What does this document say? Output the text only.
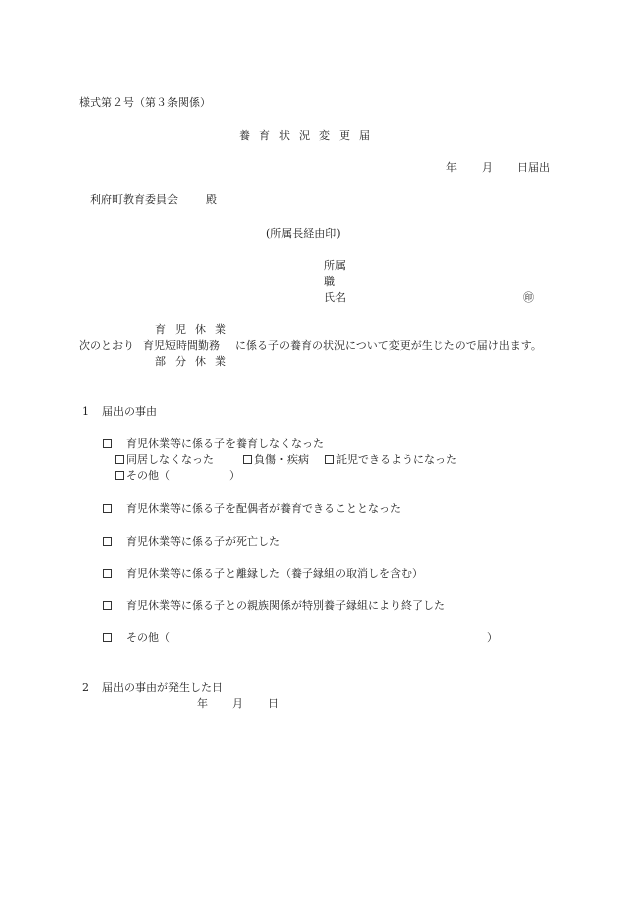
様式第２号（第３条関係）
養育状況変更届
年 月 日届出
利府町教育委員会	殿
(所属長経由印)
所属
職
氏名	㊞
育児休業
次のとおり 育児短時間勤務 に係る子の養育の状況について変更が生じたので届け出ます。
部分休業
1 届出の事由
育児休業等に係る子を養育しなくなった
同居しなくなった	負傷・疾病	託児できるようになった
その他（	）
育児休業等に係る子を配偶者が養育できることとなった
育児休業等に係る子が死亡した
育児休業等に係る子と離縁した（養子縁組の取消しを含む）
育児休業等に係る子との親族関係が特別養子縁組により終了した
その他（	）
2 届出の事由が発生した日
年 月 日
